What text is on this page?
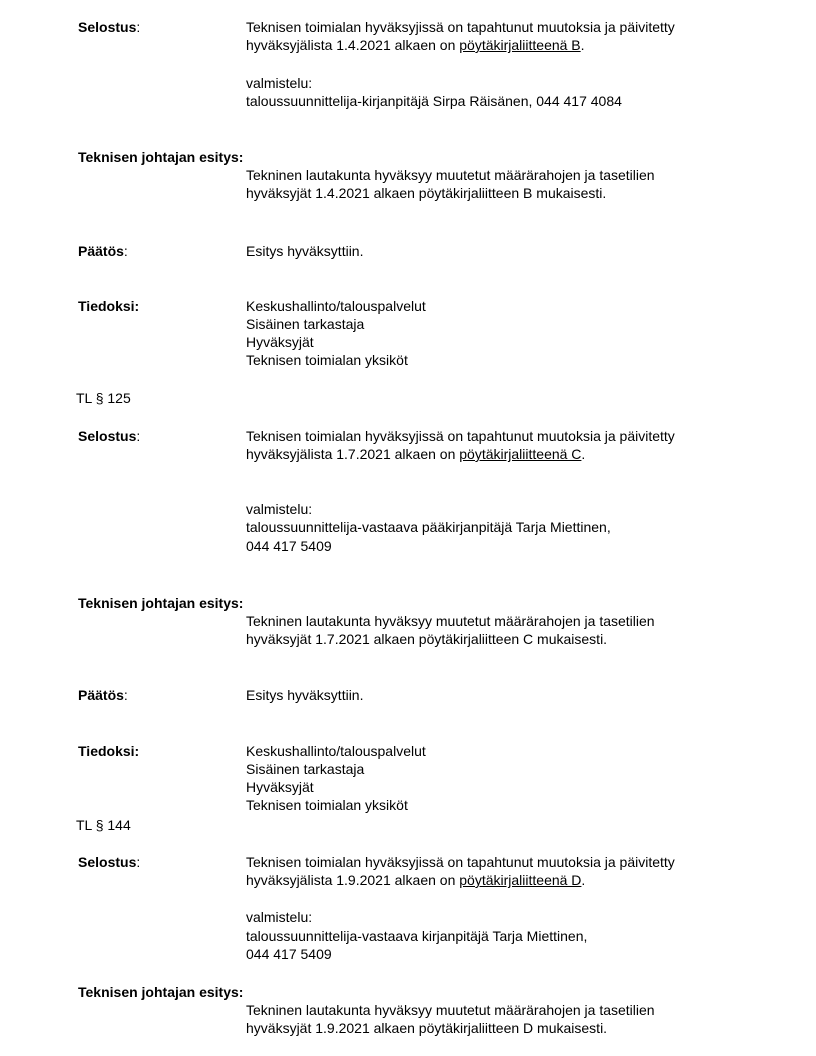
Selostus:	Teknisen toimialan hyväksyjissä on tapahtunut muutoksia ja päivitetty
hyväksyjälista 1.4.2021 alkaen on pöytäkirjaliitteenä B.
valmistelu:
taloussuunnittelija-kirjanpitäjä Sirpa Räisänen, 044 417 4084
Teknisen johtajan esitys:
Tekninen lautakunta hyväksyy muutetut määrärahojen ja tasetilien
hyväksyjät 1.4.2021 alkaen pöytäkirjaliitteen B mukaisesti.
Päätös:	Esitys hyväksyttiin.
Tiedoksi:	Keskushallinto/talouspalvelut
Sisäinen tarkastaja
Hyväksyjät
Teknisen toimialan yksiköt
TL § 125
Selostus:	Teknisen toimialan hyväksyjissä on tapahtunut muutoksia ja päivitetty
hyväksyjälista 1.7.2021 alkaen on pöytäkirjaliitteenä C.
valmistelu:
taloussuunnittelija-vastaava pääkirjanpitäjä Tarja Miettinen,
044 417 5409
Teknisen johtajan esitys:
Tekninen lautakunta hyväksyy muutetut määrärahojen ja tasetilien
hyväksyjät 1.7.2021 alkaen pöytäkirjaliitteen C mukaisesti.
Päätös:	Esitys hyväksyttiin.
Tiedoksi:	Keskushallinto/talouspalvelut
Sisäinen tarkastaja
Hyväksyjät
Teknisen toimialan yksiköt
TL § 144
Selostus:	Teknisen toimialan hyväksyjissä on tapahtunut muutoksia ja päivitetty
hyväksyjälista 1.9.2021 alkaen on pöytäkirjaliitteenä D.
valmistelu:
taloussuunnittelija-vastaava kirjanpitäjä Tarja Miettinen,
044 417 5409
Teknisen johtajan esitys:
Tekninen lautakunta hyväksyy muutetut määrärahojen ja tasetilien
hyväksyjät 1.9.2021 alkaen pöytäkirjaliitteen D mukaisesti.
